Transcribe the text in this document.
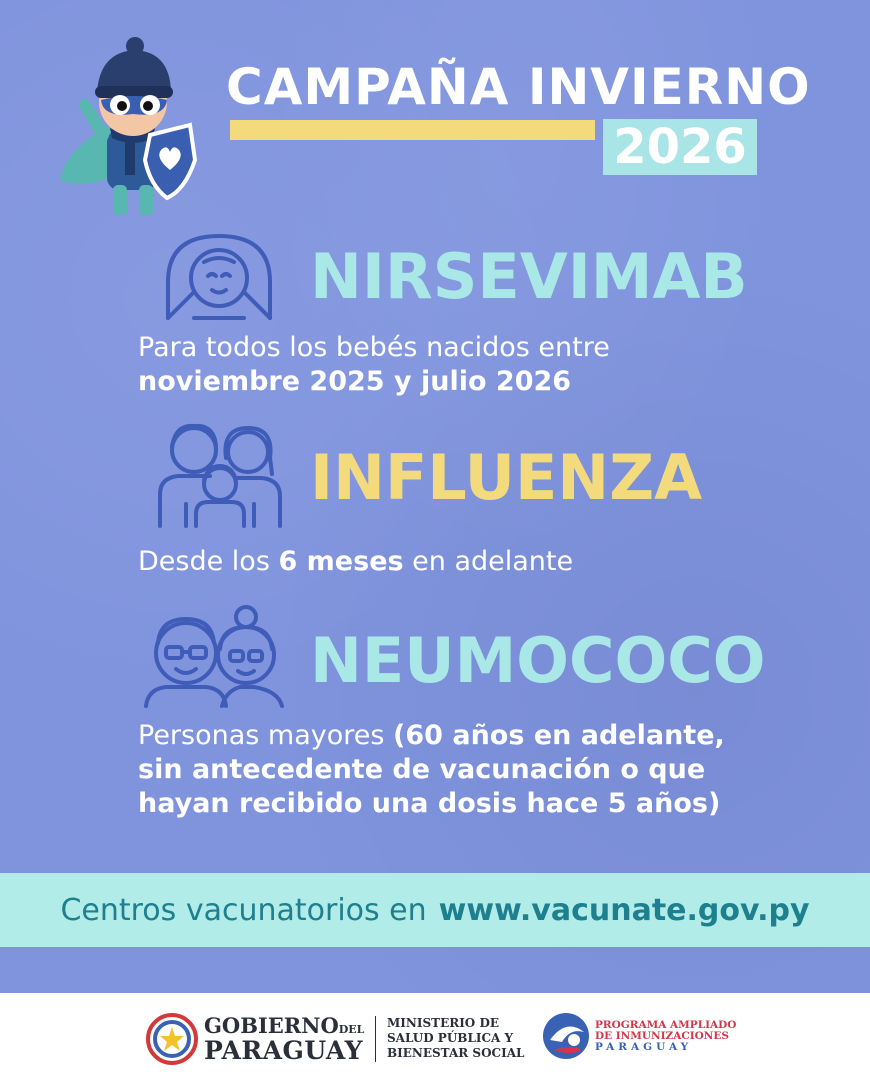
CAMPAÑA INVIERNO
2026
NIRSEVIMAB
Para todos los bebés nacidos entre
noviembre 2025 y julio 2026
INFLUENZA
Desde los 6 meses en adelante
NEUMOCOCO
Personas mayores (60 años en adelante,
sin antecedente de vacunación o que
hayan recibido una dosis hace 5 años)
Centros vacunatorios en www.vacunate.gov.py
GOBIERNODEL
PARAGUAY
MINISTERIO DE
SALUD PÚBLICA Y
BIENESTAR SOCIAL
PROGRAMA AMPLIADO
DE INMUNIZACIONES
PARAGUAY
